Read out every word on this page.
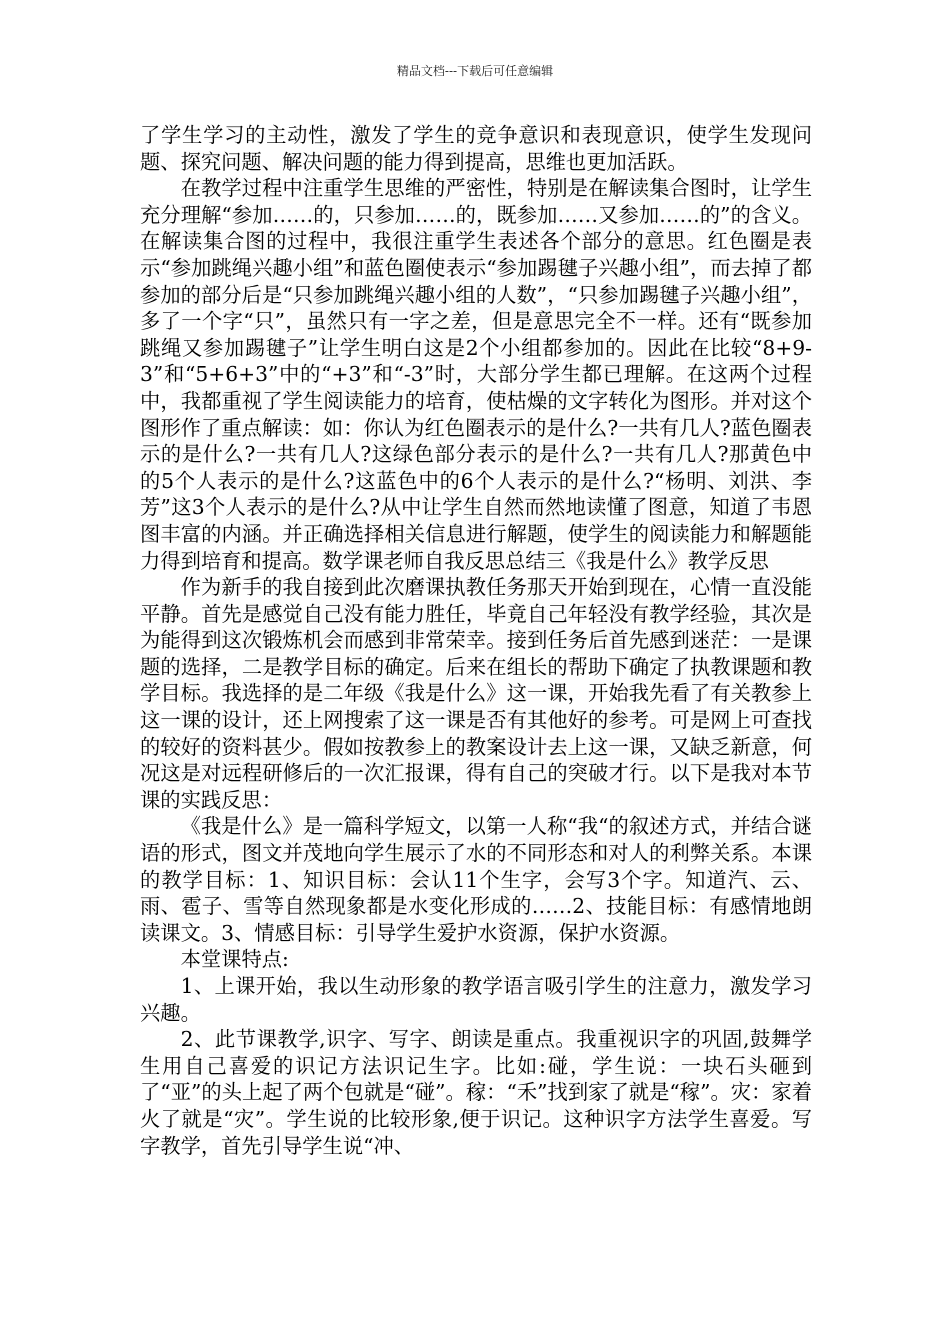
精品文档---下载后可任意编辑

了学生学习的主动性，激发了学生的竞争意识和表现意识，使学生发现问题、探究问题、解决问题的能力得到提高，思维也更加活跃。

在教学过程中注重学生思维的严密性，特别是在解读集合图时，让学生充分理解“参加……的，只参加……的，既参加……又参加……的”的含义。在解读集合图的过程中，我很注重学生表述各个部分的意思。红色圈是表示“参加跳绳兴趣小组”和蓝色圈使表示“参加踢毽子兴趣小组”，而去掉了都参加的部分后是“只参加跳绳兴趣小组的人数”，“只参加踢毽子兴趣小组”，多了一个字“只”，虽然只有一字之差，但是意思完全不一样。还有“既参加跳绳又参加踢毽子”让学生明白这是2个小组都参加的。因此在比较“8+9-3”和“5+6+3”中的“+3”和“-3”时，大部分学生都已理解。在这两个过程中，我都重视了学生阅读能力的培育，使枯燥的文字转化为图形。并对这个图形作了重点解读：如：你认为红色圈表示的是什么?一共有几人?蓝色圈表示的是什么?一共有几人?这绿色部分表示的是什么?一共有几人?那黄色中的5个人表示的是什么?这蓝色中的6个人表示的是什么?“杨明、刘洪、李芳”这3个人表示的是什么?从中让学生自然而然地读懂了图意，知道了韦恩图丰富的内涵。并正确选择相关信息进行解题，使学生的阅读能力和解题能力得到培育和提高。数学课老师自我反思总结三《我是什么》教学反思

作为新手的我自接到此次磨课执教任务那天开始到现在，心情一直没能平静。首先是感觉自己没有能力胜任，毕竟自己年轻没有教学经验，其次是为能得到这次锻炼机会而感到非常荣幸。接到任务后首先感到迷茫：一是课题的选择，二是教学目标的确定。后来在组长的帮助下确定了执教课题和教学目标。我选择的是二年级《我是什么》这一课，开始我先看了有关教参上这一课的设计，还上网搜索了这一课是否有其他好的参考。可是网上可查找的较好的资料甚少。假如按教参上的教案设计去上这一课，又缺乏新意，何况这是对远程研修后的一次汇报课，得有自己的突破才行。以下是我对本节课的实践反思：

《我是什么》是一篇科学短文，以第一人称“我“的叙述方式，并结合谜语的形式，图文并茂地向学生展示了水的不同形态和对人的利弊关系。本课的教学目标：1、知识目标：会认11个生字，会写3个字。知道汽、云、雨、雹子、雪等自然现象都是水变化形成的……2、技能目标：有感情地朗读课文。3、情感目标：引导学生爱护水资源，保护水资源。

本堂课特点:

1、上课开始，我以生动形象的教学语言吸引学生的注意力，激发学习兴趣。

2、此节课教学,识字、写字、朗读是重点。我重视识字的巩固,鼓舞学生用自己喜爱的识记方法识记生字。比如:碰，学生说：一块石头砸到了“亚”的头上起了两个包就是“碰”。稼：“禾”找到家了就是“稼”。灾：家着火了就是“灾”。学生说的比较形象,便于识记。这种识字方法学生喜爱。写字教学，首先引导学生说“冲、
